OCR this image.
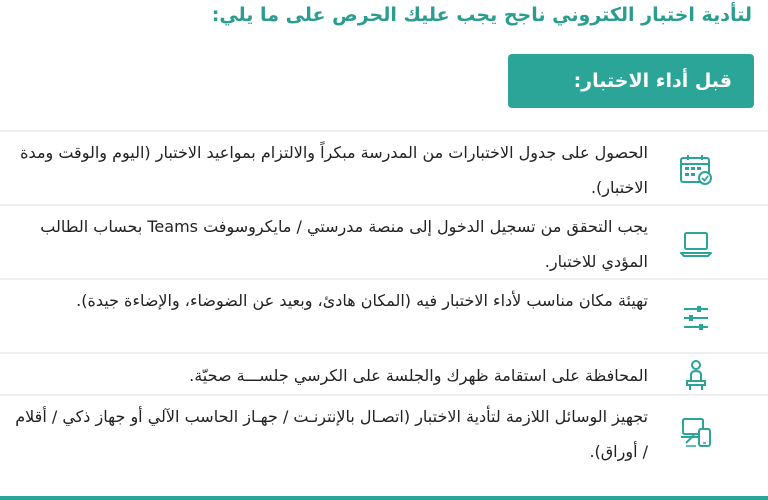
لتأدية اختبار الكتروني ناجح يجب عليك الحرص على ما يلي:
قبل أداء الاختبار:
الحصول على جدول الاختبارات من المدرسة مبكراً والالتزام بمواعيد الاختبار (اليوم والوقت ومدة الاختبار).
يجب التحقق من تسجيل الدخول إلى منصة مدرستي / مايكروسوفت Teams بحساب الطالب المؤدي للاختبار.
تهيئة مكان مناسب لأداء الاختبار فيه (المكان هادئ، وبعيد عن الضوضاء، والإضاءة جيدة).
المحافظة على استقامة ظهرك والجلسة على الكرسي جلســـة صحيّة.
تجهيز الوسائل اللازمة لتأدية الاختبار (اتصـال بالإنترنـت / جهـاز الحاسب الآلي أو جهاز ذكي / أقلام / أوراق).
